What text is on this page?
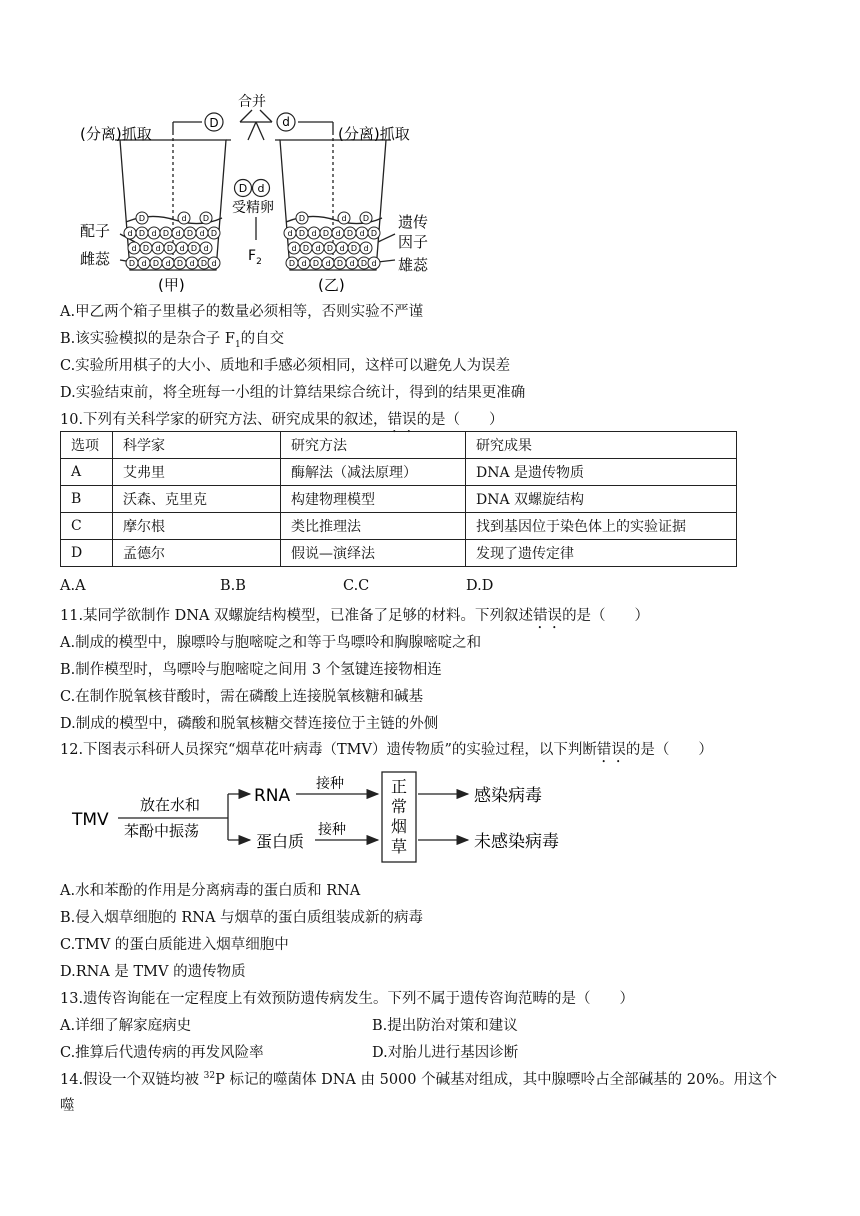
D	d
D d
D	d D
d D d D d D d D
d D d D d D d
D d D d D d D d
D	d D
d D d D d D d D
d D d D d D d
D d D d D d D d
(分离)抓取	(分离)抓取
合并
受精卵
$F_2$
配子
雌蕊
遗传
因子
雄蕊
(甲)	(乙)
A.甲乙两个箱子里棋子的数量必须相等，否则实验不严谨
B.该实验模拟的是杂合子 $F_1$的自交
C.实验所用棋子的大小、质地和手感必须相同，这样可以避免人为误差
D.实验结束前，将全班每一小组的计算结果综合统计，得到的结果更准确
10.下列有关科学家的研究方法、研究成果的叙述，错误的是（　　）
选项	科学家	研究方法	研究成果
A	艾弗里	酶解法（减法原理）	DNA 是遗传物质
B	沃森、克里克	构建物理模型	DNA 双螺旋结构
C	摩尔根	类比推理法	找到基因位于染色体上的实验证据
D	孟德尔	假说—演绎法	发现了遗传定律
A.A	B.B	C.C	D.D
11.某同学欲制作 DNA 双螺旋结构模型，已准备了足够的材料。下列叙述错误的是（　　）
A.制成的模型中，腺嘌呤与胞嘧啶之和等于鸟嘌呤和胸腺嘧啶之和
B.制作模型时，鸟嘌呤与胞嘧啶之间用 3 个氢键连接物相连
C.在制作脱氧核苷酸时，需在磷酸上连接脱氧核糖和碱基
D.制成的模型中，磷酸和脱氧核糖交替连接位于主链的外侧
12.下图表示科研人员探究“烟草花叶病毒（TMV）遗传物质”的实验过程，以下判断错误的是（　　）
TMV
放在水和
苯酚中振荡
RNA
蛋白质
接种
接种
正
常
烟
草
感染病毒
未感染病毒
A.水和苯酚的作用是分离病毒的蛋白质和 RNA
B.侵入烟草细胞的 RNA 与烟草的蛋白质组装成新的病毒
C.TMV 的蛋白质能进入烟草细胞中
D.RNA 是 TMV 的遗传物质
13.遗传咨询能在一定程度上有效预防遗传病发生。下列不属于遗传咨询范畴的是（　　）
A.详细了解家庭病史	B.提出防治对策和建议
C.推算后代遗传病的再发风险率	D.对胎儿进行基因诊断
14.假设一个双链均被 $^{32}$P 标记的噬菌体 DNA 由 5000 个碱基对组成，其中腺嘌呤占全部碱基的 20%。用这个
噬
